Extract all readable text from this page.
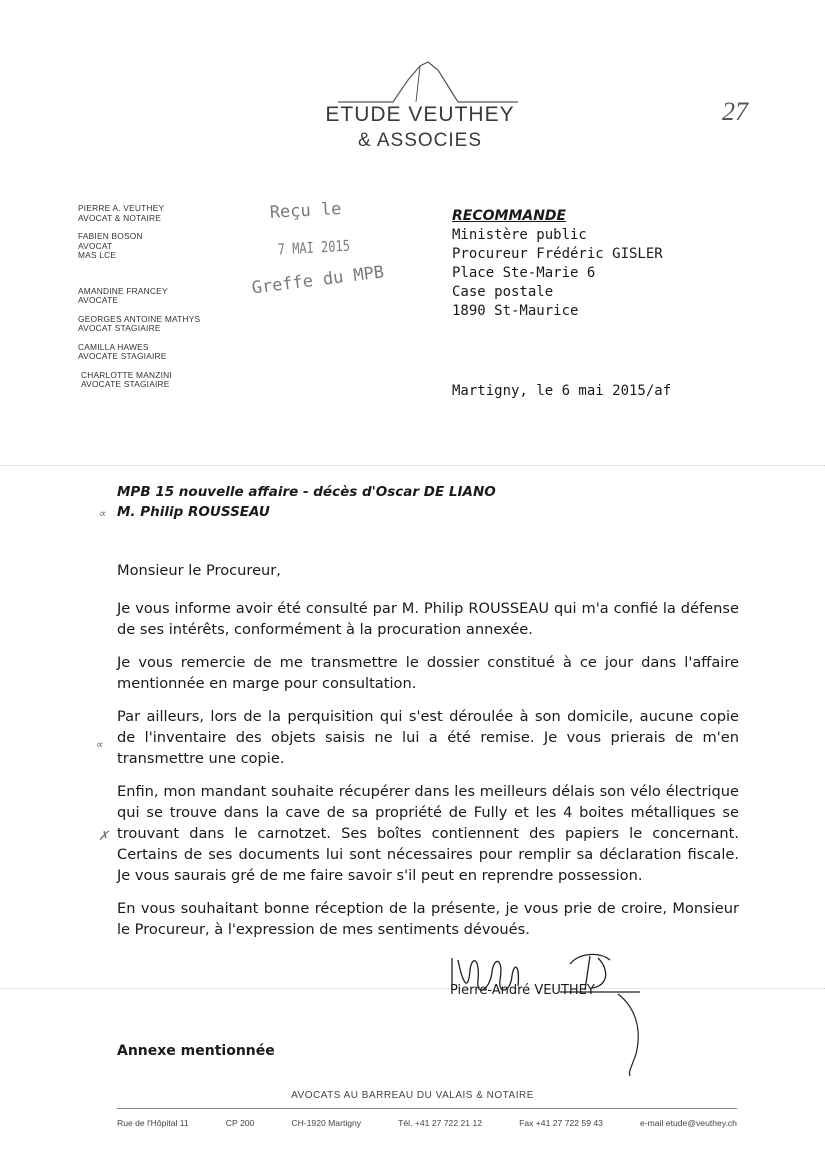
ETUDE VEUTHEY
& ASSOCIES
27
PIERRE A. VEUTHEY
AVOCAT & NOTAIRE
FABIEN BOSON
AVOCAT
MAS LCE
AMANDINE FRANCEY
AVOCATE
GEORGES ANTOINE MATHYS
AVOCAT STAGIAIRE
CAMILLA HAWES
AVOCATE STAGIAIRE
CHARLOTTE MANZINI
AVOCATE STAGIAIRE
Reçu le
7 MAI 2015
Greffe du MPB
RECOMMANDE
Ministère public
Procureur Frédéric GISLER
Place Ste-Marie 6
Case postale
1890 St-Maurice
Martigny, le 6 mai 2015/af
MPB 15 nouvelle affaire - décès d'Oscar DE LIANO
M. Philip ROUSSEAU
∝

Monsieur le Procureur,

Je vous informe avoir été consulté par M. Philip ROUSSEAU qui m'a confié la défense de ses intérêts, conformément à la procuration annexée.

Je vous remercie de me transmettre le dossier constitué à ce jour dans l'affaire mentionnée en marge pour consultation.

Par ailleurs, lors de la perquisition qui s'est déroulée à son domicile, aucune copie de l'inventaire des objets saisis ne lui a été remise. Je vous prierais de m'en transmettre une copie.

Enfin, mon mandant souhaite récupérer dans les meilleurs délais son vélo électrique qui se trouve dans la cave de sa propriété de Fully et les 4 boites métalliques se trouvant dans le carnotzet. Ses boîtes contiennent des papiers le concernant. Certains de ses documents lui sont nécessaires pour remplir sa déclaration fiscale. Je vous saurais gré de me faire savoir s'il peut en reprendre possession.

En vous souhaitant bonne réception de la présente, je vous prie de croire, Monsieur le Procureur, à l'expression de mes sentiments dévoués.

∝
✗
Pierre-André VEUTHEY
Annexe mentionnée
AVOCATS AU BARREAU DU VALAIS & NOTAIRE
Rue de l'Hôpital 11	CP 200	CH-1920 Martigny	Tél. +41 27 722 21 12	Fax +41 27 722 59 43	e-mail etude@veuthey.ch
